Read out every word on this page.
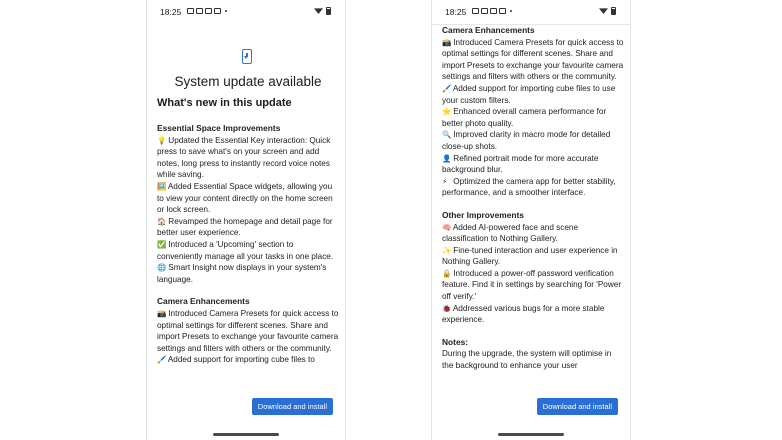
18:25
System update available
What's new in this update

Essential Space Improvements

💡 Updated the Essential Key interaction: Quick press to save what's on your screen and add notes, long press to instantly record voice notes while saving.

🖼️ Added Essential Space widgets, allowing you to view your content directly on the home screen or lock screen.

🏠 Revamped the homepage and detail page for better user experience.

✅ Introduced a 'Upcoming' section to conveniently manage all your tasks in one place.

🌐 Smart Insight now displays in your system's language.

Camera Enhancements

📸 Introduced Camera Presets for quick access to optimal settings for different scenes. Share and import Presets to exchange your favourite camera settings and filters with others or the community.

🖌️ Added support for importing cube files to

Download and install
18:25

Camera Enhancements

📸 Introduced Camera Presets for quick access to optimal settings for different scenes. Share and import Presets to exchange your favourite camera settings and filters with others or the community.

🖌️ Added support for importing cube files to use your custom filters.

⭐ Enhanced overall camera performance for better photo quality.

🔍 Improved clarity in macro mode for detailed close-up shots.

👤 Refined portrait mode for more accurate background blur.

⚡ Optimized the camera app for better stability, performance, and a smoother interface.

Other Improvements

🧠 Added AI-powered face and scene classification to Nothing Gallery.

✨ Fine-tuned interaction and user experience in Nothing Gallery.

🔒 Introduced a power-off password verification feature. Find it in settings by searching for 'Power off verify.'

🐞 Addressed various bugs for a more stable experience.

Notes:

During the upgrade, the system will optimise in the background to enhance your user

Download and install
